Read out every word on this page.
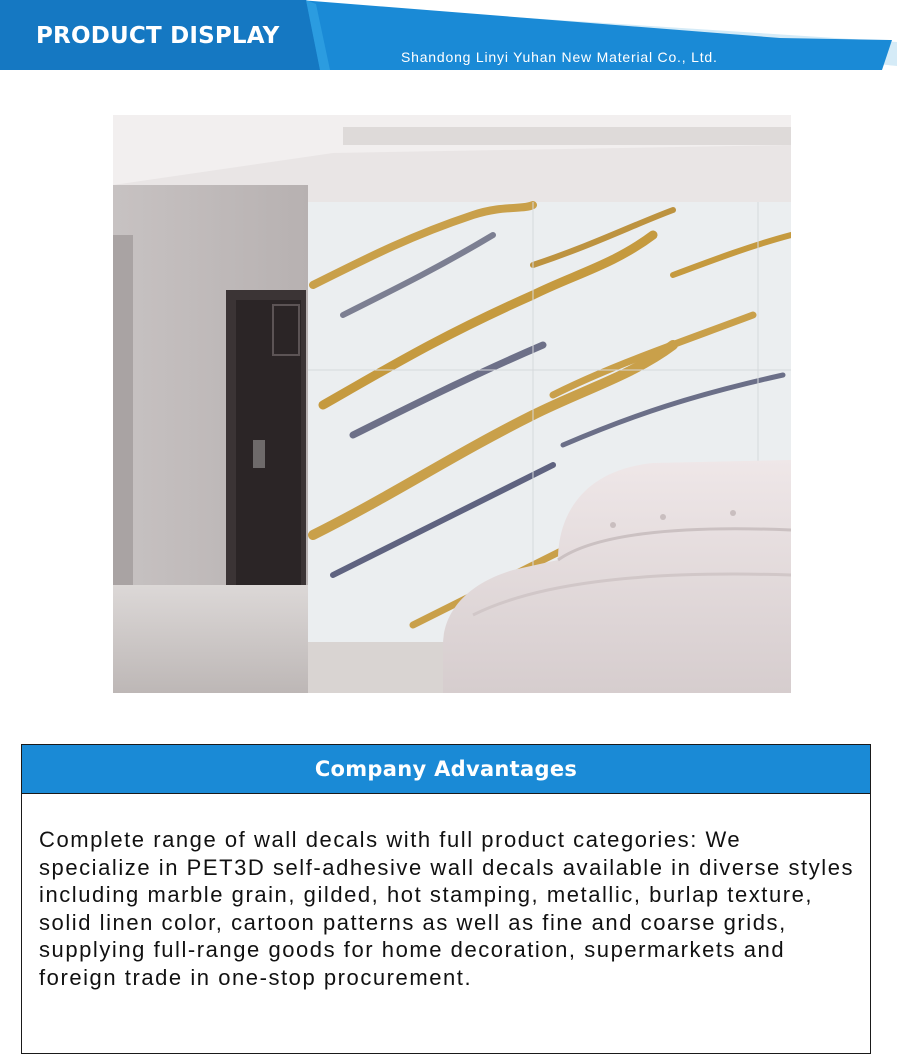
PRODUCT DISPLAY
Shandong Linyi Yuhan New Material Co., Ltd.
Company Advantages

Complete range of wall decals with full product categories: We specialize in PET3D self-adhesive wall decals available in diverse styles including marble grain, gilded, hot stamping, metallic, burlap texture, solid linen color, cartoon patterns as well as fine and coarse grids, supplying full-range goods for home decoration, supermarkets and foreign trade in one-stop procurement.
